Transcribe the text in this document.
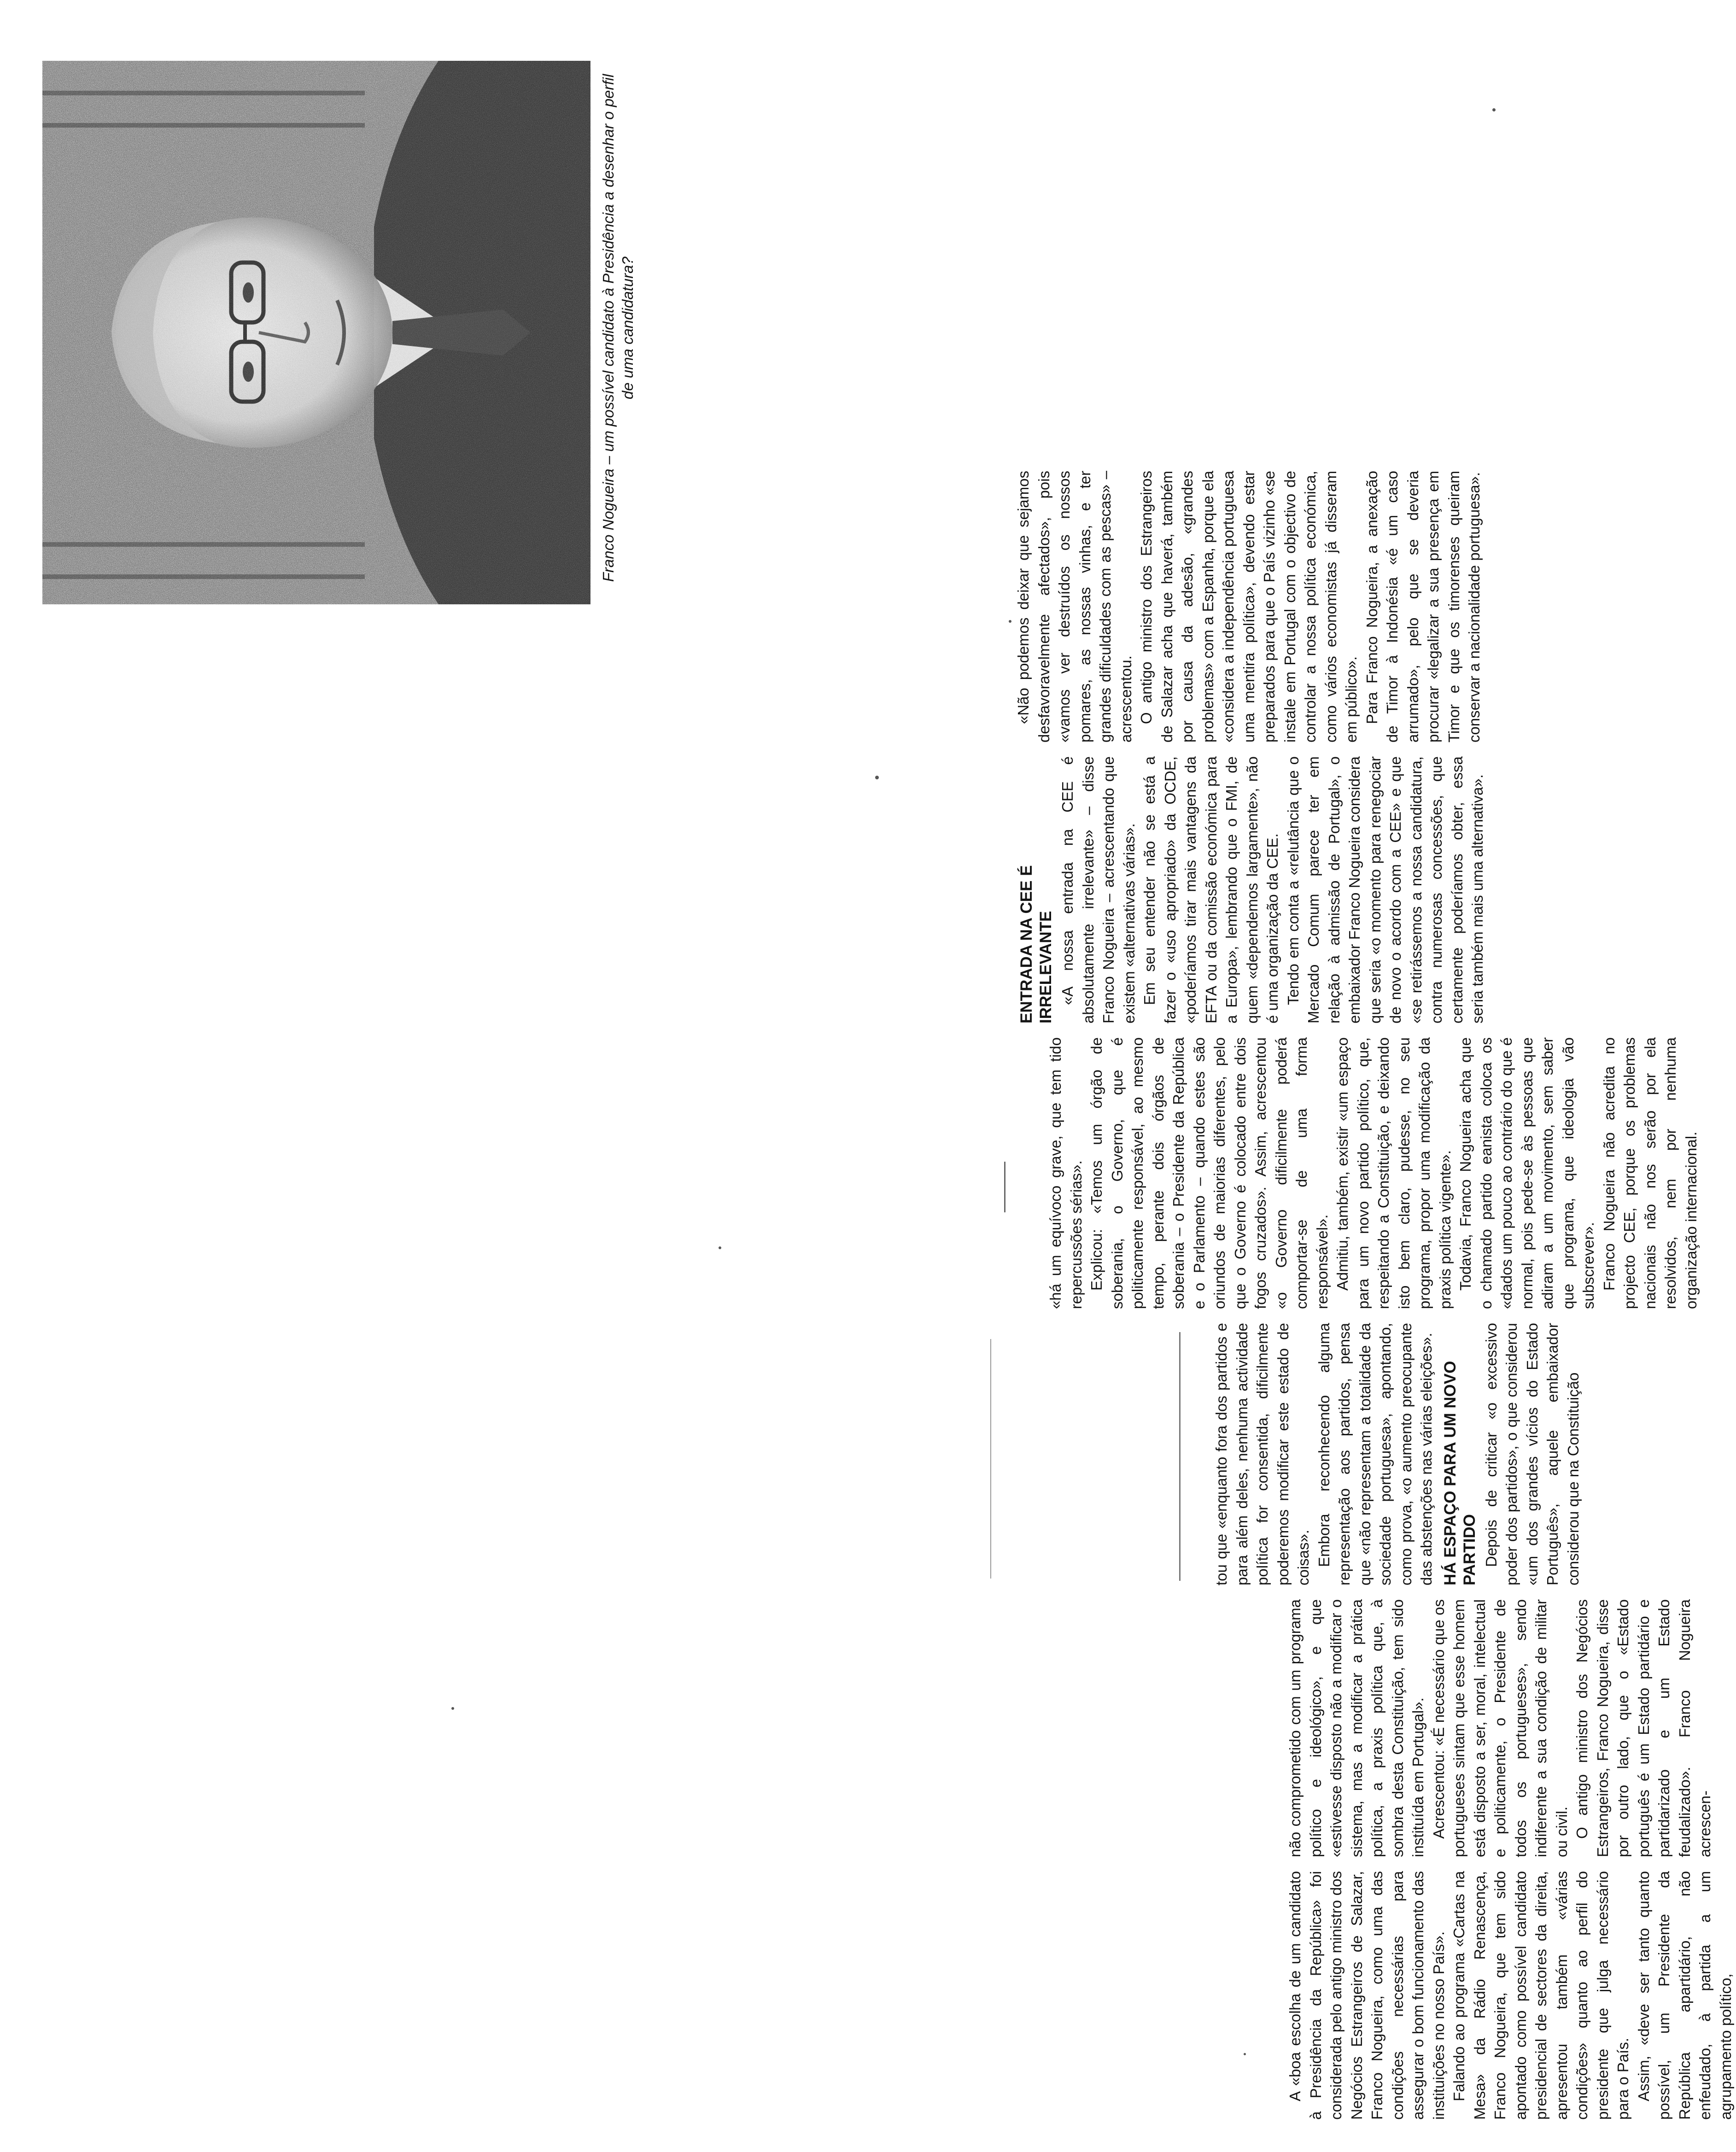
A «boa escolha de um candidato à Presidência da República» foi considerada pelo antigo ministro dos Negócios Estrangeiros de Salazar, Franco Nogueira, como uma das condições necessárias para assegurar o bom funcionamento das instituições no nosso País». Falando ao programa «Cartas na Mesa» da Rádio Renascença, Franco Nogueira, que tem sido apontado como possível candidato presidencial de sectores da direita, apresentou também «várias condições» quanto ao perfil do presidente que julga necessário para o País. Assim, «deve ser tanto quanto possível, um Presidente da República apartidário, não enfeudado, à partida a um agrupamento político,

não comprometido com um programa político e ideológico», e que «estivesse disposto não a modificar o sistema, mas a modificar a prática política, a praxis política que, à sombra desta Constituição, tem sido instituída em Portugal». Acrescentou: «É necessário que os portugueses sintam que esse homem está disposto a ser, moral, intelectual e politicamente, o Presidente de todos os portugueses», sendo indiferente a sua condição de militar ou civil. O antigo ministro dos Negócios Estrangeiros, Franco Nogueira, disse por outro lado, que o «Estado português é um Estado partidário e partidarizado e um Estado feudalizado». Franco Nogueira acrescen-

tou que «enquanto fora dos partidos e para além deles, nenhuma actividade política for consentida, dificilmente poderemos modificar este estado de coisas». Embora reconhecendo alguma representação aos partidos, pensa que «não representam a totalidade da sociedade portuguesa», apontando, como prova, «o aumento preocupante das abstenções nas várias eleições». HÁ ESPAÇO PARA UM NOVO PARTIDO Depois de criticar «o excessivo poder dos partidos», o que considerou «um dos grandes vícios do Estado Português», aquele embaixador considerou que na Constituição

«há um equívoco grave, que tem tido repercussões sérias». Explicou: «Temos um órgão de soberania, o Governo, que é politicamente responsável, ao mesmo tempo, perante dois órgãos de soberania – o Presidente da República e o Parlamento – quando estes são oriundos de maiorias diferentes, pelo que o Governo é colocado entre dois fogos cruzados». Assim, acrescentou «o Governo dificilmente poderá comportar-se de uma forma responsável». Admitiu, também, existir «um espaço para um novo partido político, que, respeitando a Constituição, e deixando isto bem claro, pudesse, no seu programa, propor uma modificação da praxis política vigente». Todavia, Franco Nogueira acha que o chamado partido eanista coloca os «dados um pouco ao contrário do que é normal, pois pede-se às pessoas que adiram a um movimento, sem saber que programa, que ideologia vão subscrever». Franco Nogueira não acredita no projecto CEE, porque os problemas nacionais não nos serão por ela resolvidos, nem por nenhuma organização internacional.

ENTRADA NA CEE É IRRELEVANTE «A nossa entrada na CEE é absolutamente irrelevante» – disse Franco Nogueira – acrescentando que existem «alternativas várias». Em seu entender não se está a fazer o «uso apropriado» da OCDE, «poderíamos tirar mais vantagens da EFTA ou da comissão económica para a Europa», lembrando que o FMI, de quem «dependemos largamente», não é uma organização da CEE. Tendo em conta a «relutância que o Mercado Comum parece ter em relação à admissão de Portugal», o embaixador Franco Nogueira considera que seria «o momento para renegociar de novo o acordo com a CEE» e que «se retirássemos a nossa candidatura, contra numerosas concessões, que certamente poderíamos obter, essa seria também mais uma alternativa».

«Não podemos deixar que sejamos desfavoravelmente afectados», pois «vamos ver destruídos os nossos pomares, as nossas vinhas, e ter grandes dificuldades com as pescas» – acrescentou. O antigo ministro dos Estrangeiros de Salazar acha que haverá, também por causa da adesão, «grandes problemas» com a Espanha, porque ela «considera a independência portuguesa uma mentira política», devendo estar preparados para que o País vizinho «se instale em Portugal com o objectivo de controlar a nossa política económica, como vários economistas já disseram em público». Para Franco Nogueira, a anexação de Timor à Indonésia «é um caso arrumado», pelo que se deveria procurar «legalizar a sua presença em Timor e que os timorenses queiram conservar a nacionalidade portuguesa».

Franco Nogueira – um possível candidato à Presidência a desenhar o perfil de uma candidatura?
